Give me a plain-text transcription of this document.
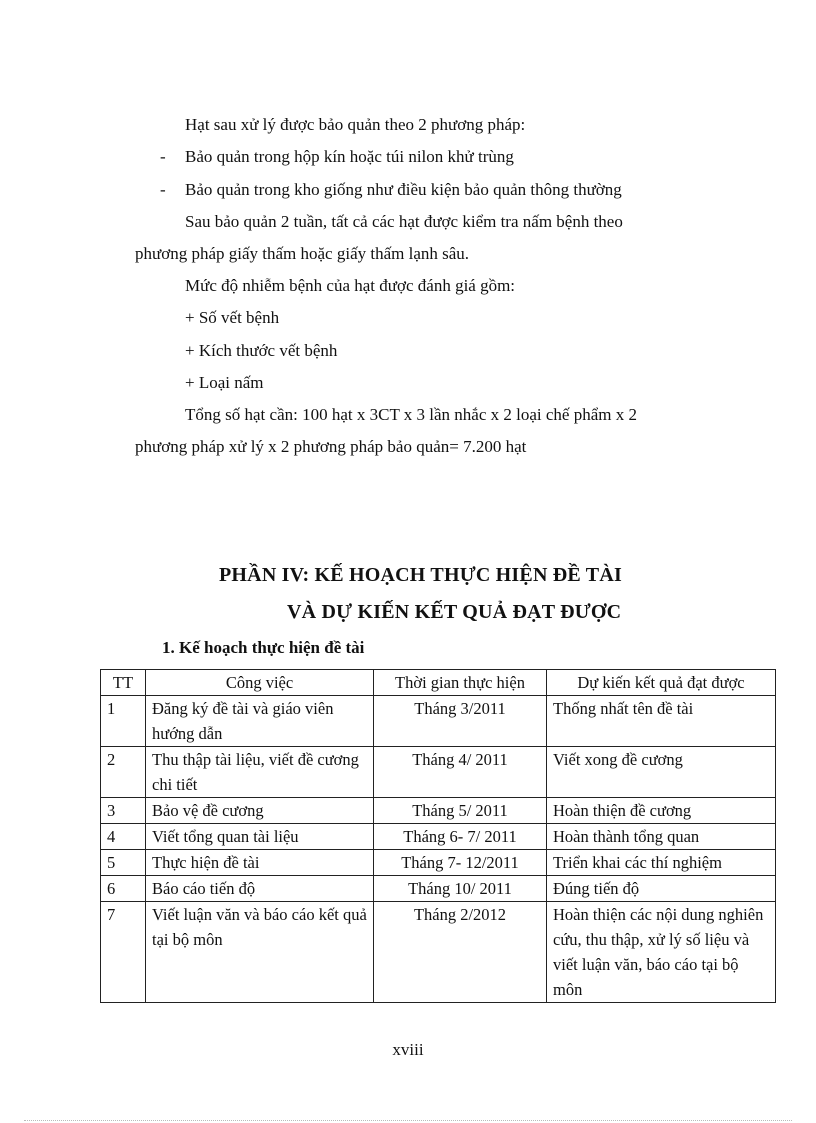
Hạt sau xử lý được bảo quản theo 2 phương pháp:
- Bảo quản trong hộp kín hoặc túi nilon khử trùng
- Bảo quản trong kho giống như điều kiện bảo quản thông thường
Sau bảo quản 2 tuần, tất cả các hạt được kiểm tra nấm bệnh theo
phương pháp giấy thấm hoặc giấy thấm lạnh sâu.
Mức độ nhiễm bệnh của hạt được đánh giá gồm:
+ Số vết bệnh
+ Kích thước vết bệnh
+ Loại nấm
Tổng số hạt cần: 100 hạt x 3CT x 3 lần nhắc x 2 loại chế phẩm x 2
phương pháp xử lý x 2 phương pháp bảo quản= 7.200 hạt
PHẦN IV: KẾ HOẠCH THỰC HIỆN ĐỀ TÀI
VÀ DỰ KIẾN KẾT QUẢ ĐẠT ĐƯỢC
1. Kế hoạch thực hiện đề tài
TT	Công việc	Thời gian thực hiện	Dự kiến kết quả đạt được
1	Đăng ký đề tài và giáo viên hướng dẫn	Tháng 3/2011	Thống nhất tên đề tài
2	Thu thập tài liệu, viết đề cương chi tiết	Tháng 4/ 2011	Viết xong đề cương
3	Bảo vệ đề cương	Tháng 5/ 2011	Hoàn thiện đề cương
4	Viết tổng quan tài liệu	Tháng 6- 7/ 2011	Hoàn thành tổng quan
5	Thực hiện đề tài	Tháng 7- 12/2011	Triển khai các thí nghiệm
6	Báo cáo tiến độ	Tháng 10/ 2011	Đúng tiến độ
7	Viết luận văn và báo cáo kết quả tại bộ môn	Tháng 2/2012	Hoàn thiện các nội dung nghiên cứu, thu thập, xử lý số liệu và viết luận văn, báo cáo tại bộ môn
xviii
